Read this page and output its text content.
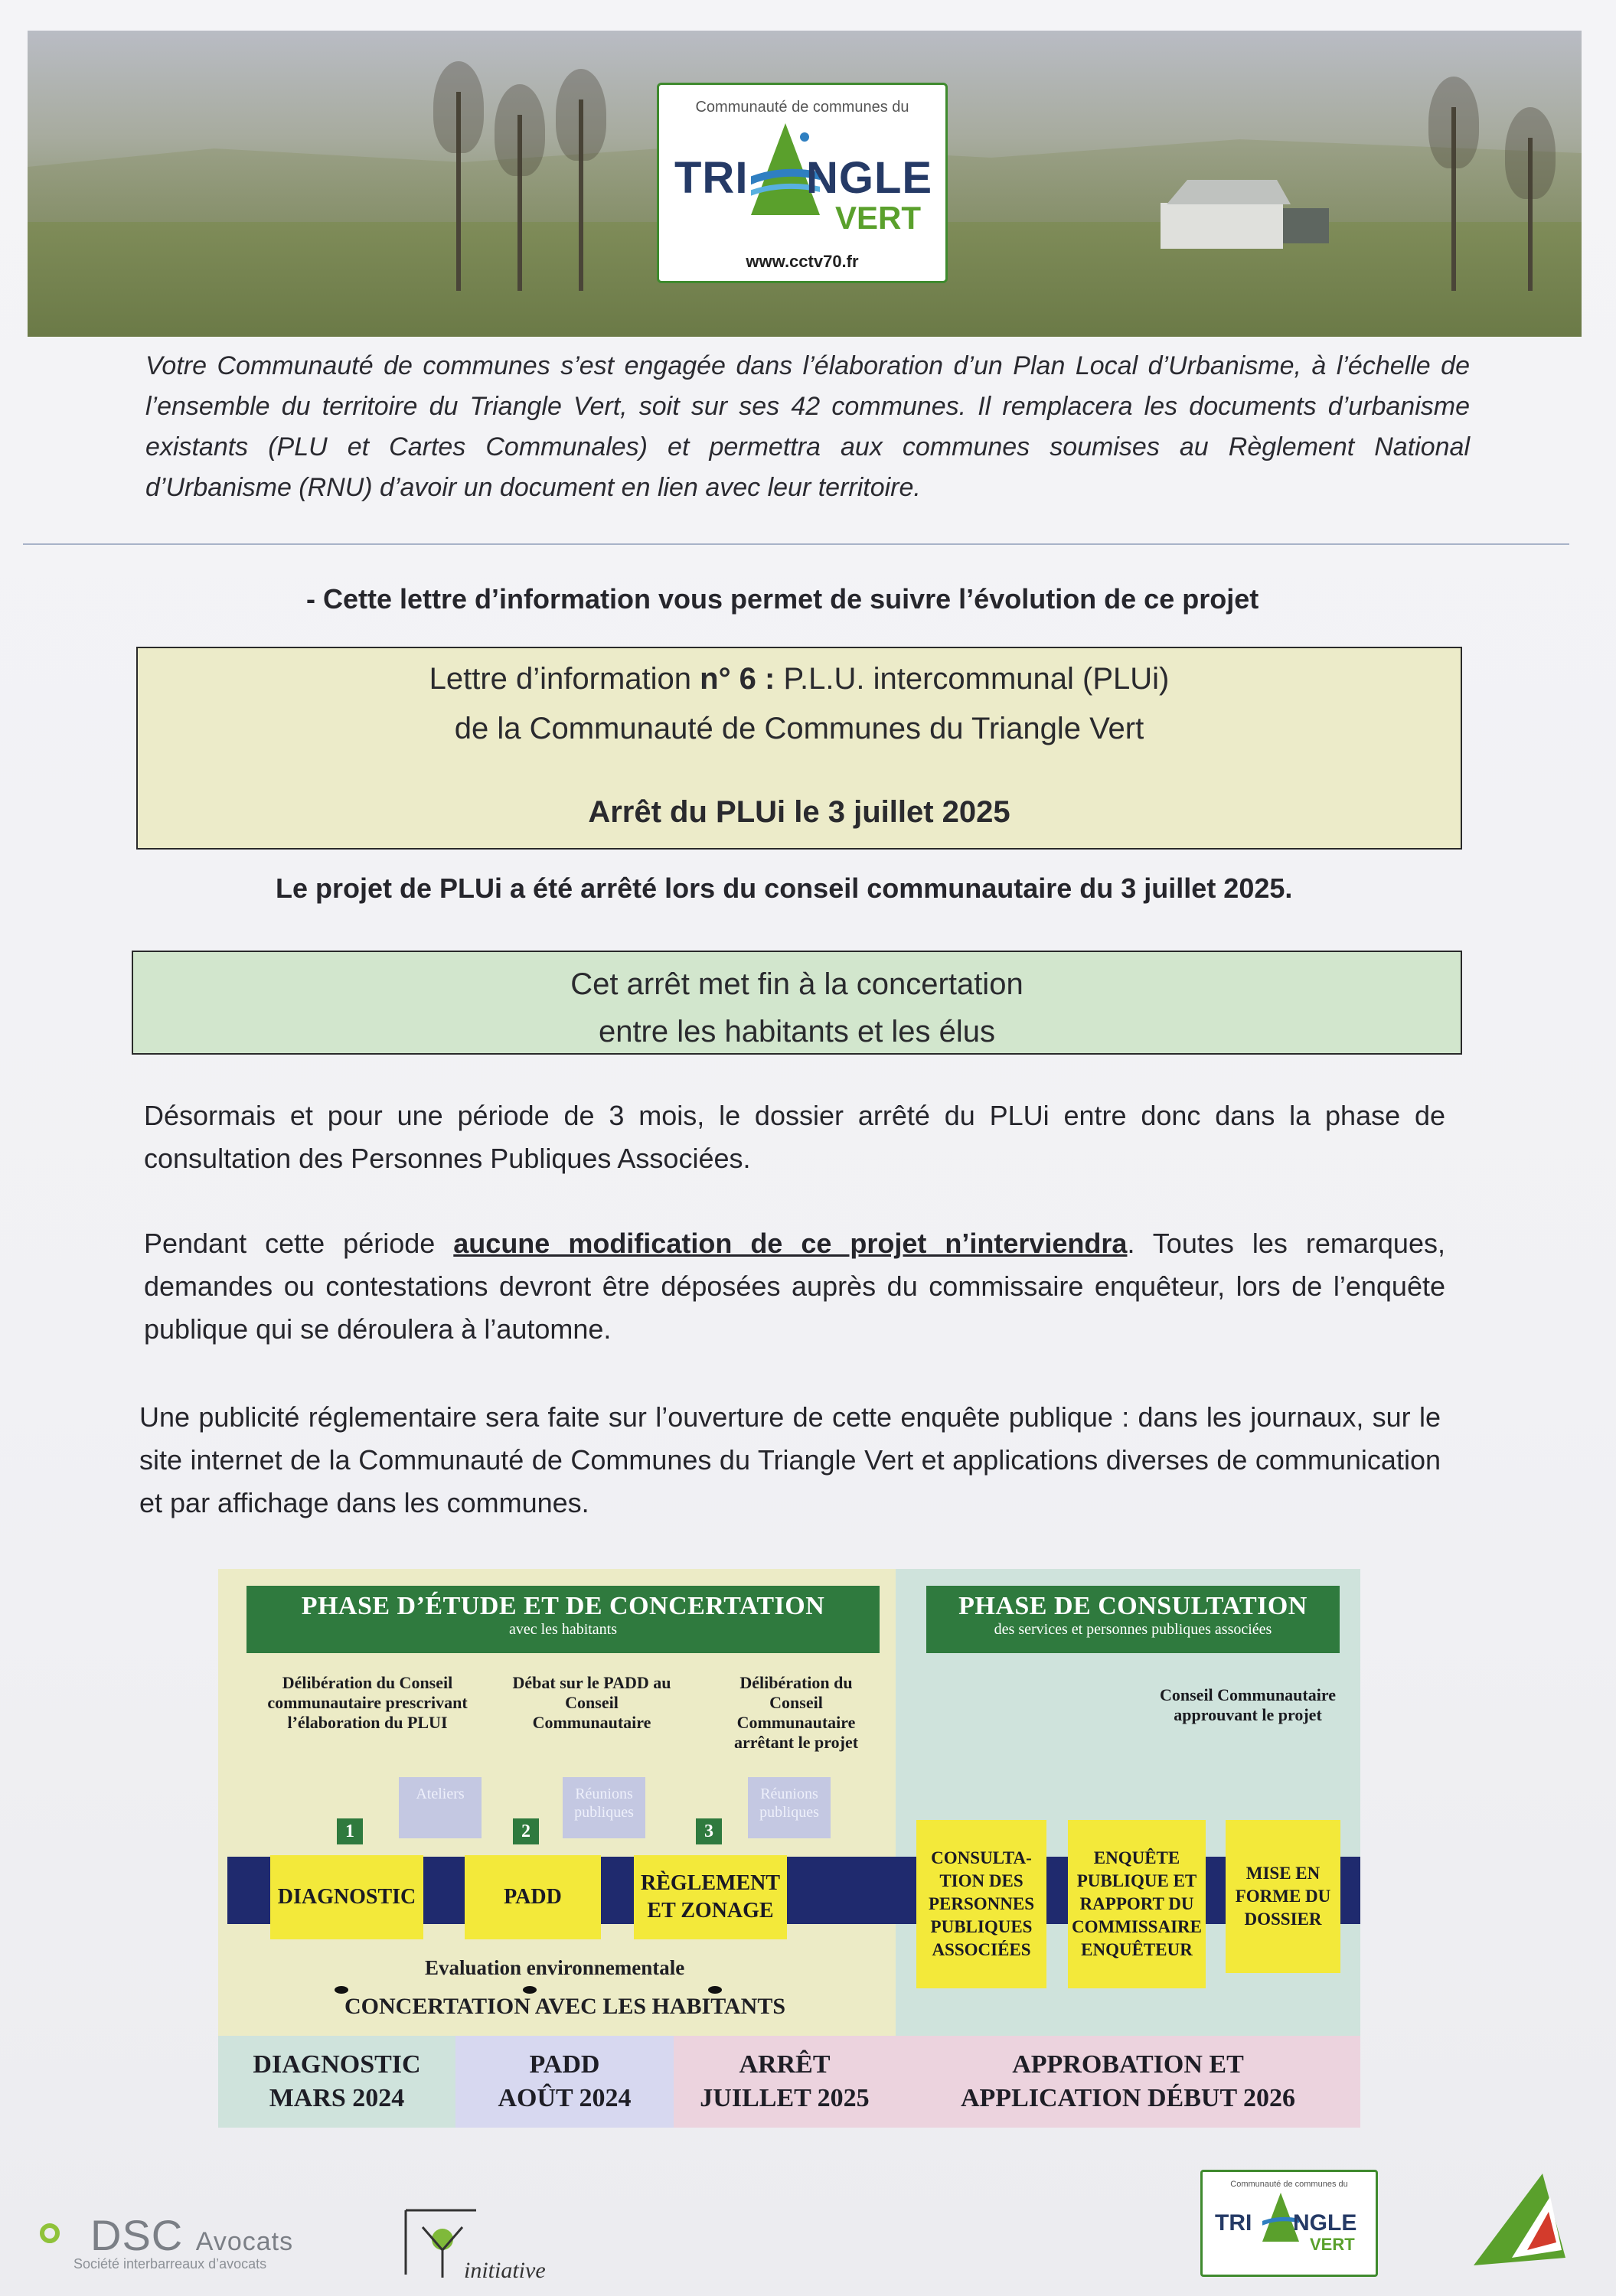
Communauté de communes du
TRI NGLE
VERT
www.cctv70.fr

Votre Communauté de communes s’est engagée dans l’élaboration d’un Plan Local d’Urbanisme, à l’échelle de l’ensemble du territoire du Triangle Vert, soit sur ses 42 communes. Il remplacera les documents d’urbanisme existants (PLU et Cartes Communales) et permettra aux communes soumises au Règlement National d’Urbanisme (RNU) d’avoir un document en lien avec leur territoire.

- Cette lettre d’information vous permet de suivre l’évolution de ce projet

Lettre d’information n° 6 : P.L.U. intercommunal (PLUi)
de la Communauté de Communes du Triangle Vert
Arrêt du PLUi le 3 juillet 2025

Le projet de PLUi a été arrêté lors du conseil communautaire du 3 juillet 2025.

Cet arrêt met fin à la concertation
entre les habitants et les élus

Désormais et pour une période de 3 mois, le dossier arrêté du PLUi entre donc dans la phase de consultation des Personnes Publiques Associées.

Pendant cette période aucune modification de ce projet n’interviendra. Toutes les remarques, demandes ou contestations devront être déposées auprès du commissaire enquêteur, lors de l’enquête publique qui se déroulera à l’automne.

Une publicité réglementaire sera faite sur l’ouverture de cette enquête publique : dans les journaux, sur le site internet de la Communauté de Communes du Triangle Vert et applications diverses de communication et par affichage dans les communes.

PHASE D’ÉTUDE ET DE CONCERTATION
avec les habitants
PHASE DE CONSULTATION
des services et personnes publiques associées
Délibération du Conseil communautaire prescrivant l’élaboration du PLUI
Débat sur le PADD au Conseil Communautaire
Délibération du Conseil Communautaire arrêtant le projet
Conseil Communautaire approuvant le projet
Ateliers	Réunions publiques
Réunions publiques
1	2	3
DIAGNOSTIC	PADD
RÈGLEMENT ET ZONAGE
CONSULTA-TION DES PERSONNES PUBLIQUES ASSOCIÉES
ENQUÊTE PUBLIQUE ET RAPPORT DU COMMISSAIRE ENQUÊTEUR
MISE EN FORME DU DOSSIER
Evaluation environnementale
CONCERTATION AVEC LES HABITANTS
DIAGNOSTIC
MARS 2024
PADD
AOÛT 2024
ARRÊT
JUILLET 2025
APPROBATION ET
APPLICATION DÉBUT 2026
DSC Avocats
Société interbarreaux d’avocats	initiative
Communauté de communes du
TRI NGLE
VERT
